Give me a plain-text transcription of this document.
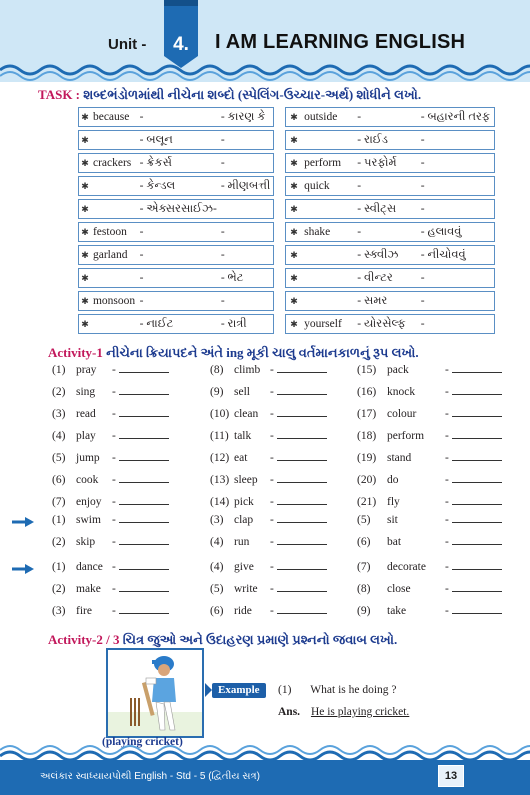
Unit -	4.	I AM LEARNING ENGLISH
TASK : શબ્દભંડોળમાંથી નીચેના શબ્દો (સ્પેલિંગ-ઉચ્ચાર-અર્થ) શોધીને લખો.
✱	because	-	- કારણ કે
✱		- બલૂન	-
✱	crackers	- ક્રેકર્સ	-
✱		- કેન્ડલ	- મીણબત્તી
✱		- એક્સરસાઈઝ-	
✱	festoon	-	-
✱	garland	-	-
✱		-	- ભેટ
✱	monsoon	-	-
✱		- નાઈટ	- રાત્રી
✱	outside	-	- બહારની તરફ
✱		- રાઈડ	-
✱	perform	- પરફોર્મ	-
✱	quick	-	-
✱		- સ્વીટ્સ	-
✱	shake	-	- હલાવવું
✱		- સ્ક્વીઝ	- નીચોવવું
✱		- વીન્ટર	-
✱		- સમર	-
✱	yourself	- યોરસેલ્ફ	-
Activity-1 નીચેના ક્રિયાપદને અંતે ing મૂકી ચાલુ વર્તમાનકાળનું રૂપ લખો.
(1) pray -	(8) climb -	(15) pack	-
(2) sing -	(9) sell -	(16) knock	-
(3) read -	(10) clean -	(17) colour -
(4) play -	(11) talk -	(18) perform -
(5) jump -	(12) eat -	(19) stand	-
(6) cook -	(13) sleep -	(20) do	-
(7) enjoy -	(14) pick -	(21) fly	-
(1) swim -	(3) clap -	(5) sit	-
(2) skip -	(4) run -	(6) bat	-
(1) dance -	(4) give -	(7) decorate -
(2) make -	(5) write -	(8) close	-
(3) fire -	(6) ride -	(9) take	-
Activity-2 / 3 ચિત્ર જુઓ અને ઉદાહરણ પ્રમાણે પ્રશ્નનો જવાબ લખો.
(playing cricket)
Example	(1) What is he doing ?
Ans. He is playing cricket.
અલંકાર સ્વાધ્યાયપોથી English - Std - 5 (દ્વિતીય સત્ર)	13
